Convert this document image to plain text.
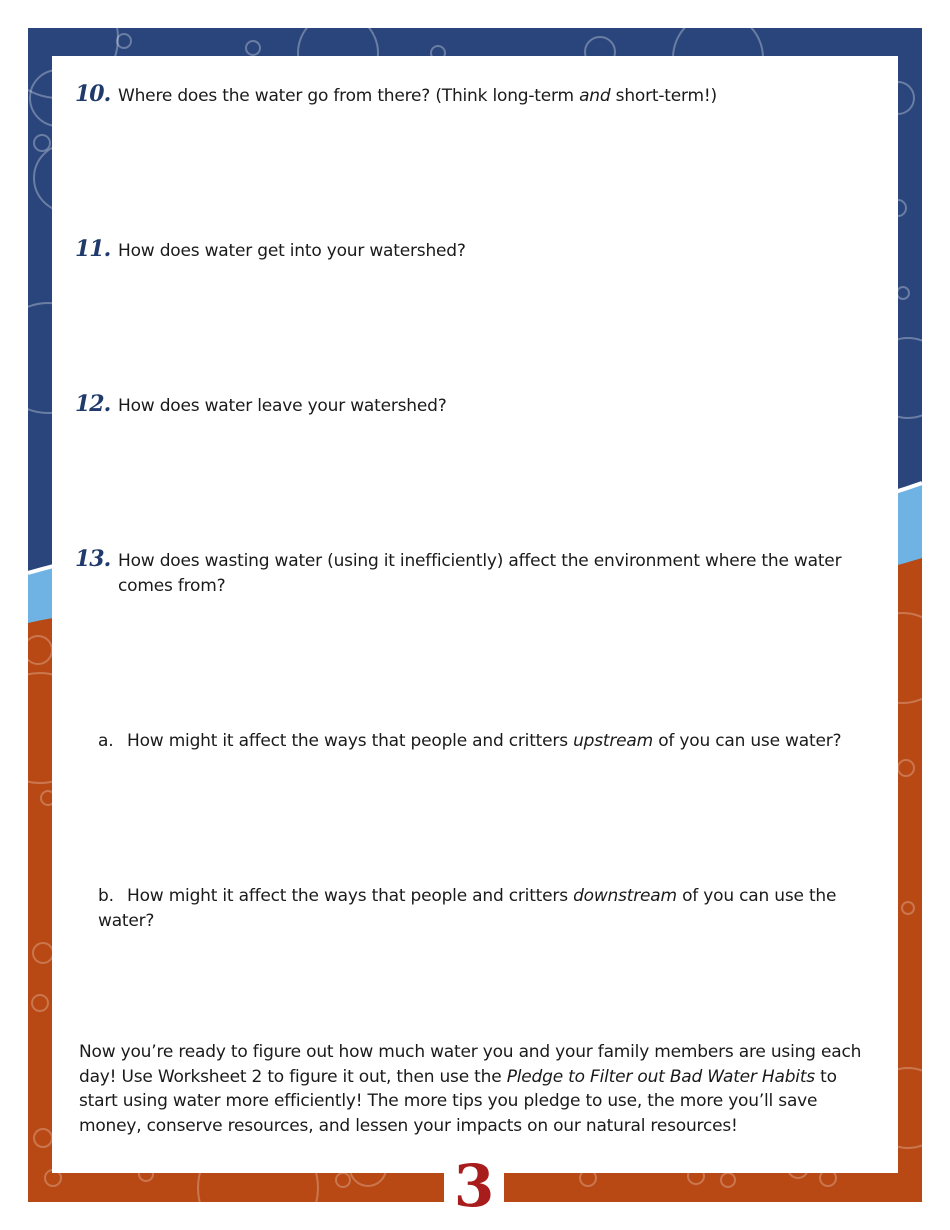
10. Where does the water go from there? (Think long-term and short-term!)
11. How does water get into your watershed?
12. How does water leave your watershed?
13. How does wasting water (using it inefficiently) affect the environment where the water comes from?
a. How might it affect the ways that people and critters upstream of you can use water?
b. How might it affect the ways that people and critters downstream of you can use the water?
Now you’re ready to figure out how much water you and your family members are using each day! Use Worksheet 2 to figure it out, then use the Pledge to Filter out Bad Water Habits to start using water more efficiently! The more tips you pledge to use, the more you’ll save money, conserve resources, and lessen your impacts on our natural resources!
3
